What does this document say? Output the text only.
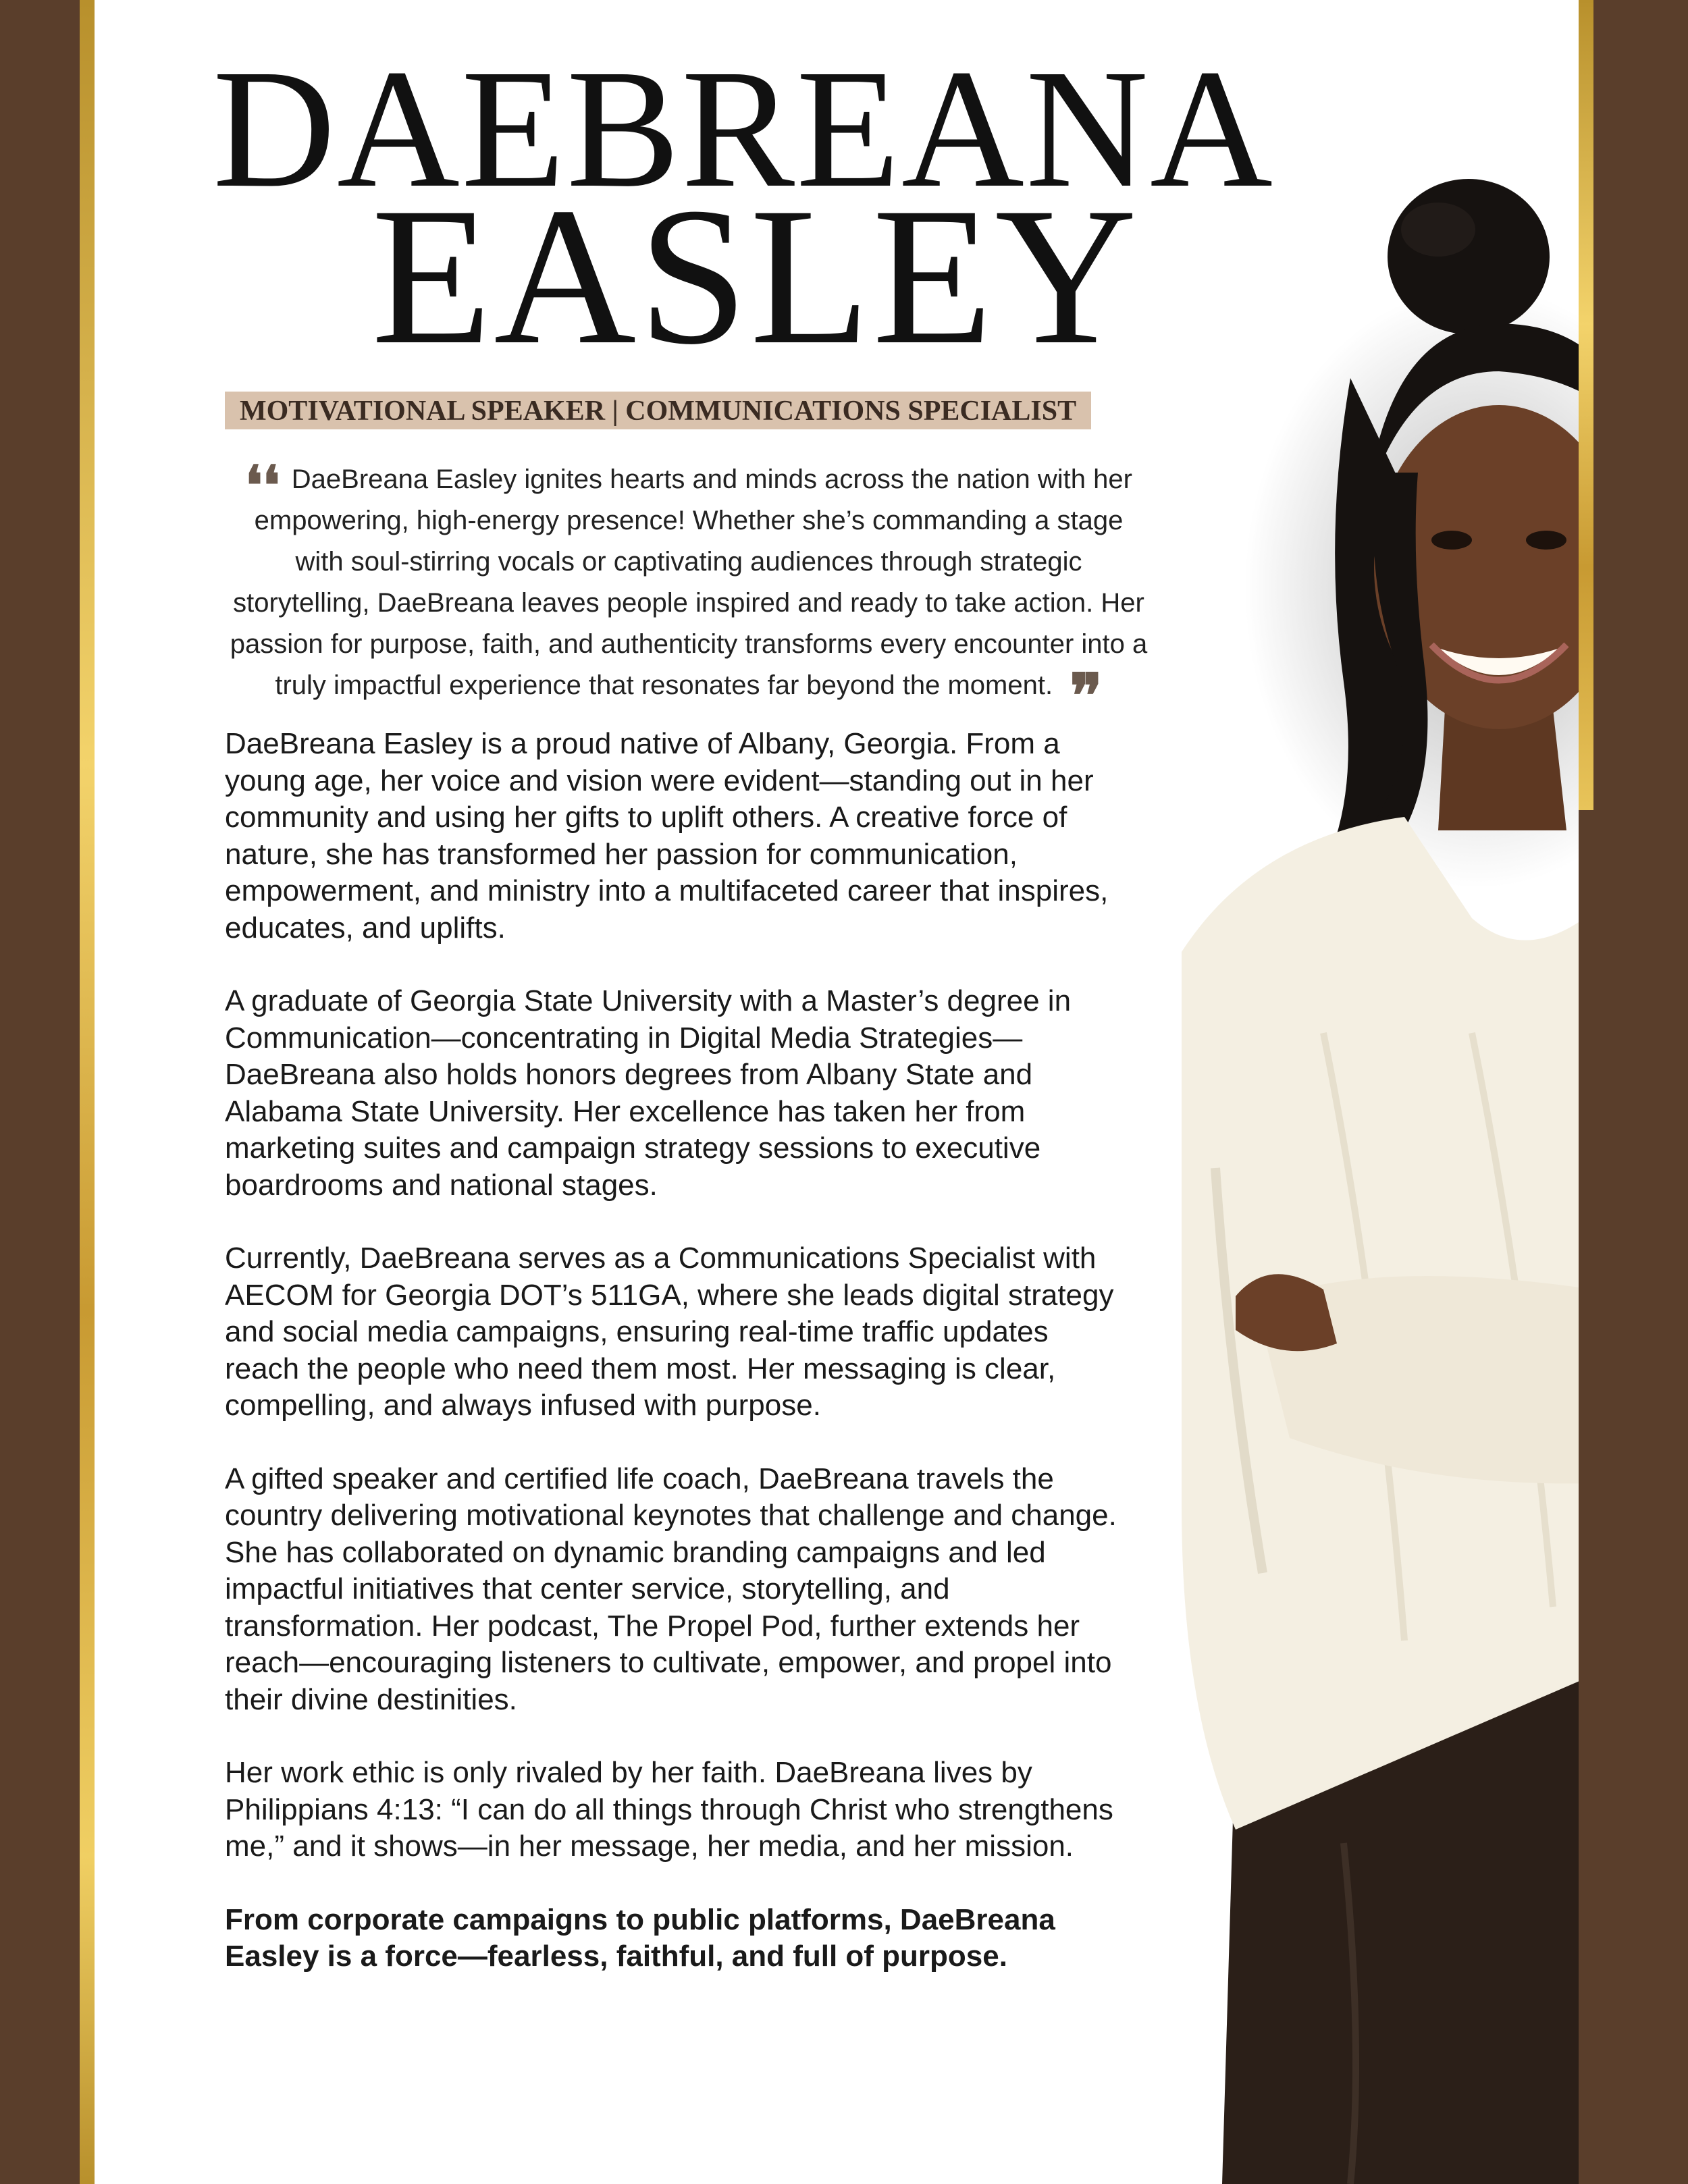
DAEBREANA
EASLEY
MOTIVATIONAL SPEAKER | COMMUNICATIONS SPECIALIST

❛❛ DaeBreana Easley ignites hearts and minds across the nation with her empowering, high-energy presence! Whether she’s commanding a stage with soul-stirring vocals or captivating audiences through strategic storytelling, DaeBreana leaves people inspired and ready to take action. Her passion for purpose, faith, and authenticity transforms every encounter into a truly impactful experience that resonates far beyond the moment. ❞

DaeBreana Easley is a proud native of Albany, Georgia. From a young age, her voice and vision were evident—standing out in her community and using her gifts to uplift others. A creative force of nature, she has transformed her passion for communication, empowerment, and ministry into a multifaceted career that inspires, educates, and uplifts.

A graduate of Georgia State University with a Master’s degree in Communication—concentrating in Digital Media Strategies—DaeBreana also holds honors degrees from Albany State and Alabama State University. Her excellence has taken her from marketing suites and campaign strategy sessions to executive boardrooms and national stages.

Currently, DaeBreana serves as a Communications Specialist with AECOM for Georgia DOT’s 511GA, where she leads digital strategy and social media campaigns, ensuring real-time traffic updates reach the people who need them most. Her messaging is clear, compelling, and always infused with purpose.

A gifted speaker and certified life coach, DaeBreana travels the country delivering motivational keynotes that challenge and change. She has collaborated on dynamic branding campaigns and led impactful initiatives that center service, storytelling, and transformation. Her podcast, The Propel Pod, further extends her reach—encouraging listeners to cultivate, empower, and propel into their divine destinities.

Her work ethic is only rivaled by her faith. DaeBreana lives by Philippians 4:13: “I can do all things through Christ who strengthens me,” and it shows—in her message, her media, and her mission.

From corporate campaigns to public platforms, DaeBreana Easley is a force—fearless, faithful, and full of purpose.
